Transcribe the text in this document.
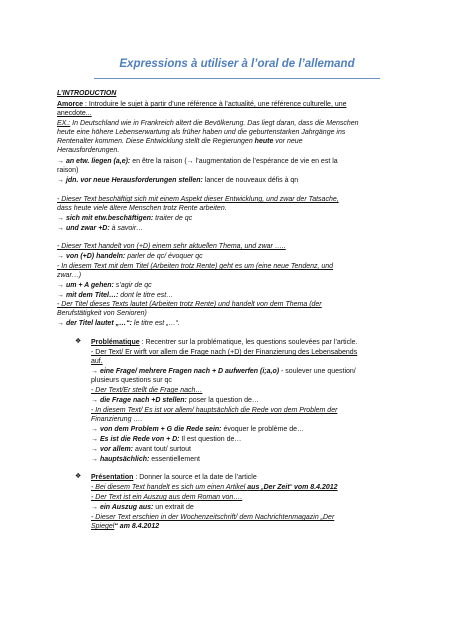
Expressions à utiliser à l’oral de l’allemand
L’INTRODUCTION
Amorce : Introduire le sujet à partir d’une référence à l’actualité, une référence culturelle, une
anecdote...
EX.: In Deutschland wie in Frankreich altert die Bevölkerung. Das liegt daran, dass die Menschen
heute eine höhere Lebenserwartung als früher haben und die geburtenstarken Jahrgänge ins
Rentenalter kommen. Diese Entwicklung stellt die Regierungen heute vor neue
Herausforderungen.
→ an etw. liegen (a,e): en être la raison (→ l’augmentation de l’espérance de vie en est la
raison)
→ jdn. vor neue Herausforderungen stellen: lancer de nouveaux défis à qn
- Dieser Text beschäftigt sich mit einem Aspekt dieser Entwicklung, und zwar der Tatsache,
dass heute viele ältere Menschen trotz Rente arbeiten.
→ sich mit etw.beschäftigen: traiter de qc
→ und zwar +D: à savoir…
- Dieser Text handelt von (+D) einem sehr aktuellen Thema, und zwar …..
→ von (+D) handeln: parler de qc/ évoquer qc
- In diesem Text mit dem Titel (Arbeiten trotz Rente) geht es um (eine neue Tendenz, und
zwar…)
→ um + A gehen: s’agir de qc
→ mit dem Titel…: dont le titre est…
- Der Titel dieses Texts lautet (Arbeiten trotz Rente) und handelt von dem Thema (der
Berufstätigkeit von Senioren)
→ der Titel lautet „…“: le titre est „…“.
❖ Problématique : Recentrer sur la problématique, les questions soulevées par l’article.
- Der Text/ Er wirft vor allem die Frage nach (+D) der Finanzierung des Lebensabends
auf.
→ eine Frage/ mehrere Fragen nach + D aufwerfen (i;a,o) - soulever une question/
plusieurs questions sur qc
- Der Text/Er stellt die Frage nach…
→ die Frage nach +D stellen: poser la question de…
- In diesem Text/ Es ist vor allem/ hauptsächlich die Rede von dem Problem der
Finanzierung ….
→ von dem Problem + G die Rede sein: évoquer le problème de…
→ Es ist die Rede von + D: Il est question de…
→ vor allem: avant tout/ surtout
→ hauptsächlich: essentiellement
❖ Présentation : Donner la source et la date de l’article
- Bei diesem Text handelt es sich um einen Artikel aus „Der Zeit“ vom 8.4.2012
- Der Text ist ein Auszug aus dem Roman von….
→ ein Auszug aus: un extrait de
- Dieser Text erschien in der Wochenzeitschrift/ dem Nachrichtenmagazin „Der
Spiegel“ am 8.4.2012
